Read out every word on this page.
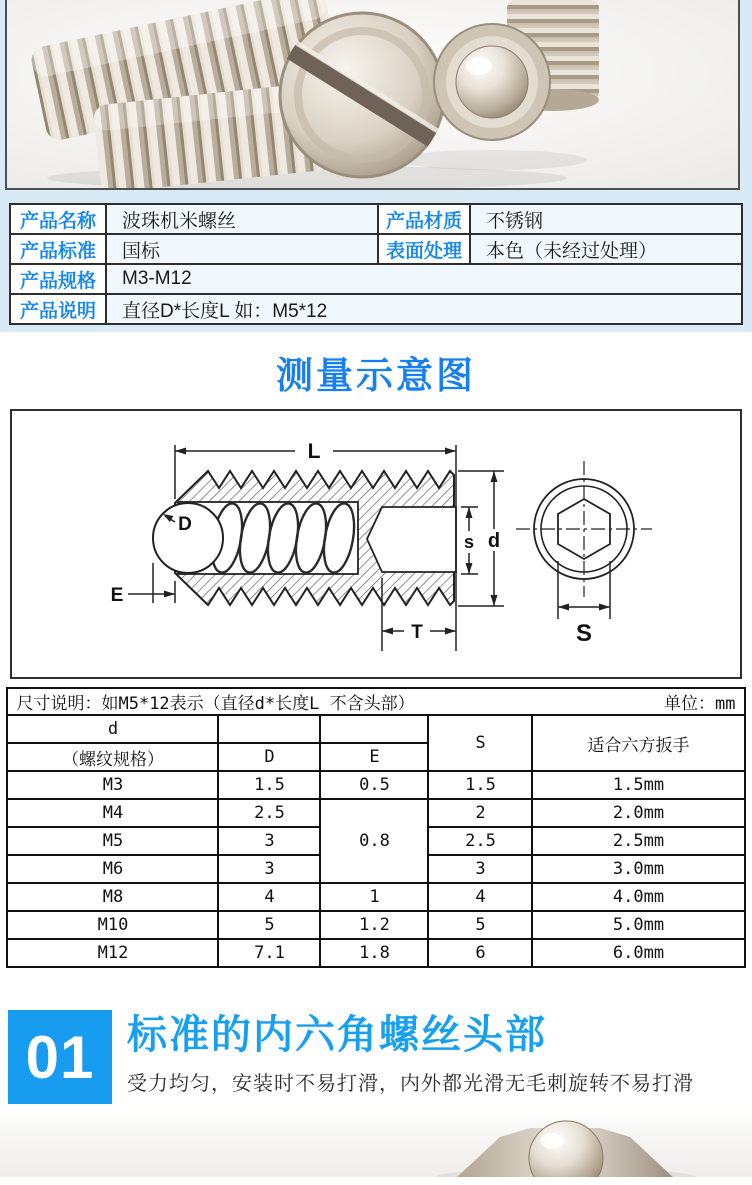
产品名称	波珠机米螺丝	产品材质	不锈钢
产品标准	国标	表面处理	本色（未经过处理）
产品规格	M3-M12		
产品说明	直径D*长度L 如：M5*12		
测量示意图
L
D
E
s d
T	S
尺寸说明：如M5*12表示（直径d*长度L 不含头部） 单位：mm				

d			S	适合六方扳手
（螺纹规格）	D	E		
M3	1.5	0.5	1.5	1.5mm
M4	2.5	0.8	2	2.0mm
M5	3		2.5	2.5mm
M6	3		3	3.0mm
M8	4	1	4	4.0mm
M10	5	1.2	5	5.0mm
M12	7.1	1.8	6	6.0mm
01 标准的内六角螺丝头部

受力均匀，安装时不易打滑，内外都光滑无毛刺旋转不易打滑
